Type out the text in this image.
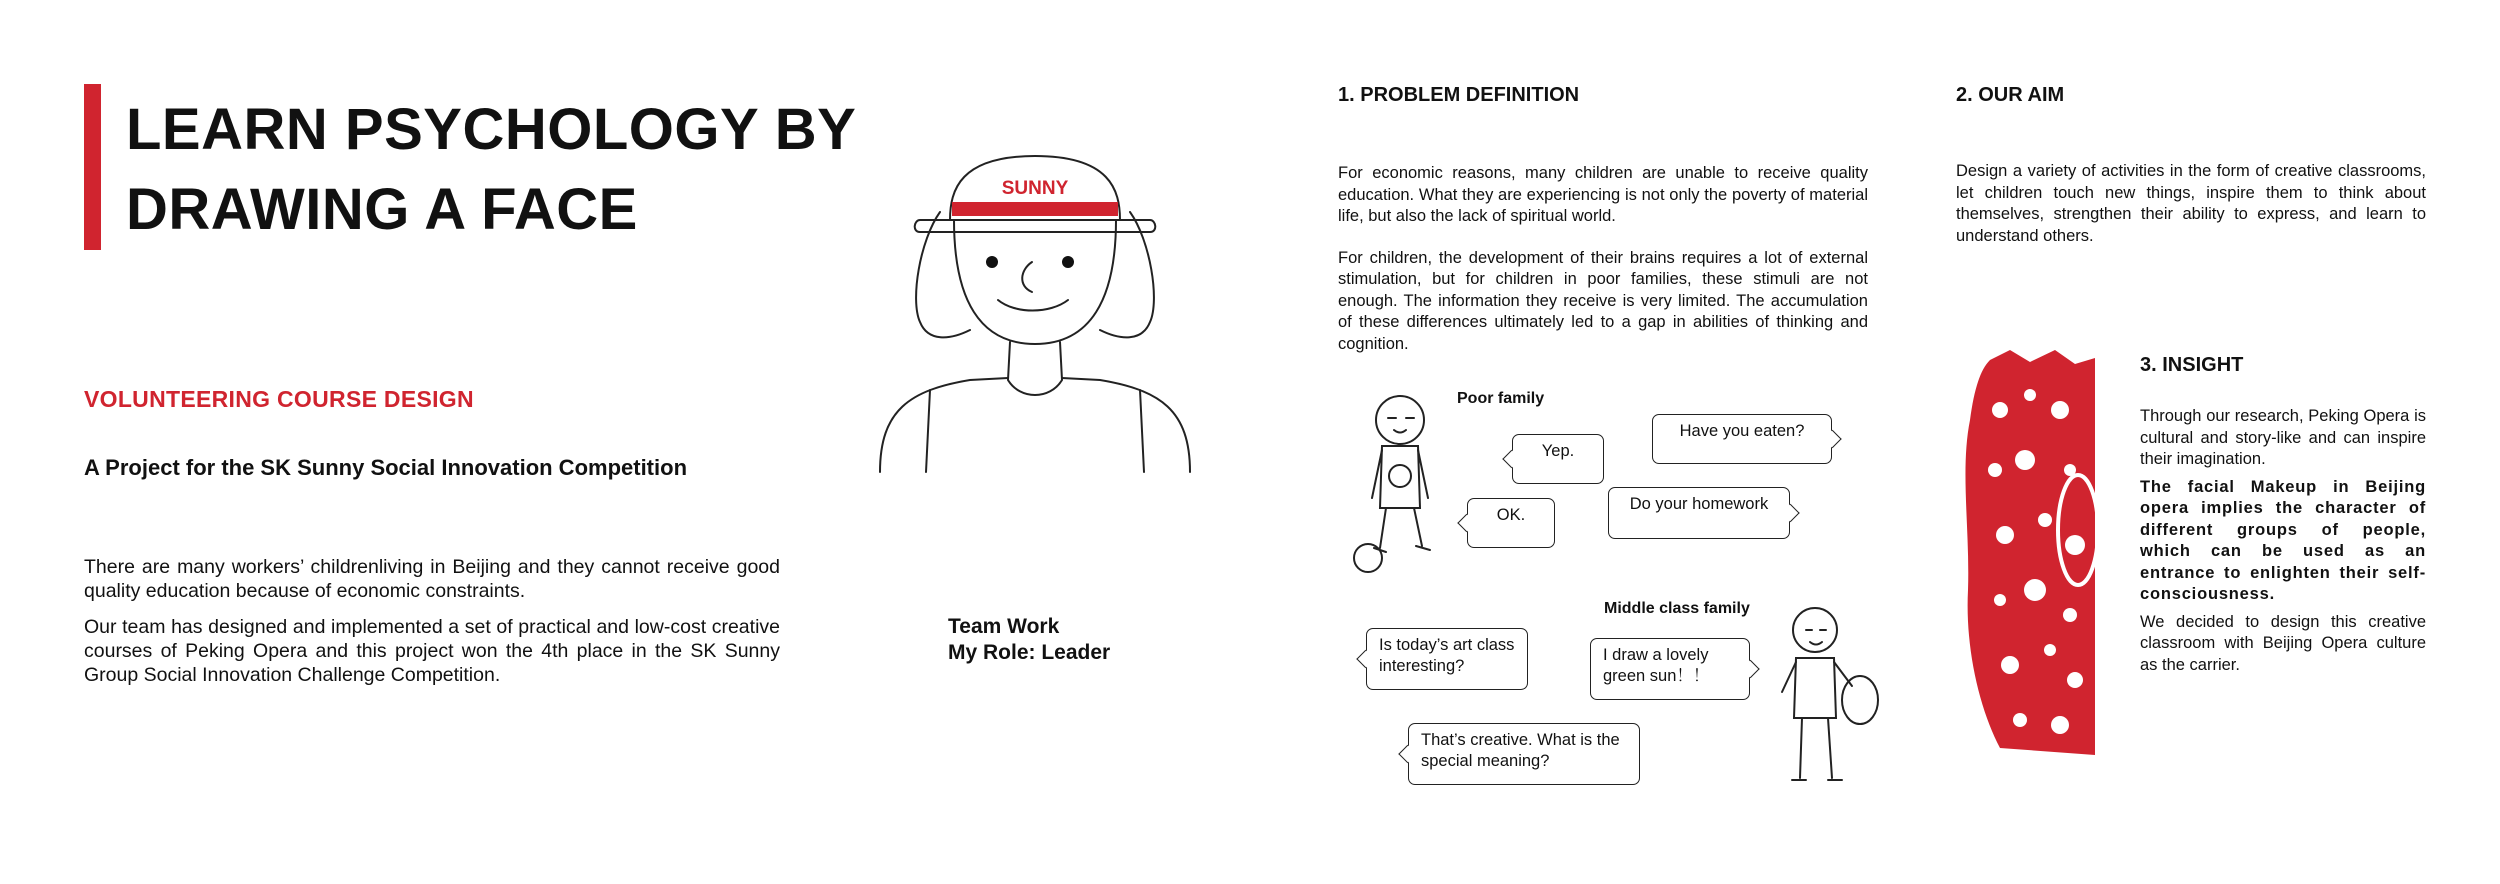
LEARN PSYCHOLOGY BY
DRAWING A FACE
VOLUNTEERING COURSE DESIGN
A Project for the SK Sunny Social Innovation Competition

There are many workers’ childrenliving in Beijing and they cannot receive good quality education because of economic constraints.

Our team has designed and implemented a set of practical and low-cost creative courses of Peking Opera and this project won the 4th place in the SK Sunny Group Social Innovation Challenge Competition.

SUNNY
Team Work
My Role: Leader
1. PROBLEM DEFINITION

For economic reasons, many children are unable to receive quality education. What they are experiencing is not only the poverty of material life, but also the lack of spiritual world.

For children, the development of their brains requires a lot of external stimulation, but for children in poor families, these stimuli are not enough. The information they receive is very limited. The accumulation of these differences ultimately led to a gap in abilities of thinking and cognition.

2. OUR AIM

Design a variety of activities in the form of creative classrooms, let children touch new things, inspire them to think about themselves, strengthen their ability to express, and learn to understand others.

3. INSIGHT

Through our research, Peking Opera is cultural and story-like and can inspire their imagination.

The facial Makeup in Beijing opera implies the character of different groups of people, which can be used as an entrance to enlighten their self-consciousness.

We decided to design this creative classroom with Beijing Opera culture as the carrier.

Poor family
Have you eaten?
Yep.
Do your homework
OK.
Middle class family
Is today’s art class interesting?
I draw a lovely green sun！！
That’s creative. What is the special meaning?
